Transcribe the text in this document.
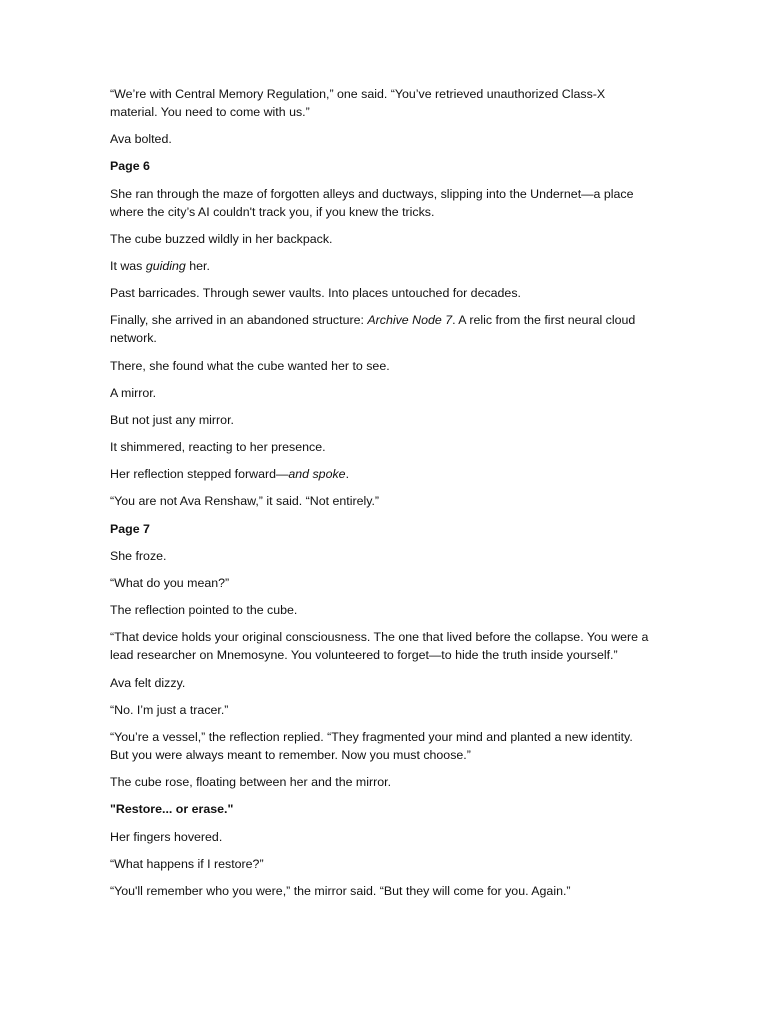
“We’re with Central Memory Regulation,” one said. “You’ve retrieved unauthorized Class-X material. You need to come with us.”

Ava bolted.

Page 6

She ran through the maze of forgotten alleys and ductways, slipping into the Undernet—a place where the city’s AI couldn't track you, if you knew the tricks.

The cube buzzed wildly in her backpack.

It was guiding her.

Past barricades. Through sewer vaults. Into places untouched for decades.

Finally, she arrived in an abandoned structure: Archive Node 7. A relic from the first neural cloud network.

There, she found what the cube wanted her to see.

A mirror.

But not just any mirror.

It shimmered, reacting to her presence.

Her reflection stepped forward—and spoke.

“You are not Ava Renshaw,” it said. “Not entirely.”

Page 7

She froze.

“What do you mean?”

The reflection pointed to the cube.

“That device holds your original consciousness. The one that lived before the collapse. You were a lead researcher on Mnemosyne. You volunteered to forget—to hide the truth inside yourself.”

Ava felt dizzy.

“No. I’m just a tracer.”

“You’re a vessel,” the reflection replied. “They fragmented your mind and planted a new identity. But you were always meant to remember. Now you must choose.”

The cube rose, floating between her and the mirror.

"Restore... or erase."

Her fingers hovered.

“What happens if I restore?”

“You'll remember who you were,” the mirror said. “But they will come for you. Again.”
